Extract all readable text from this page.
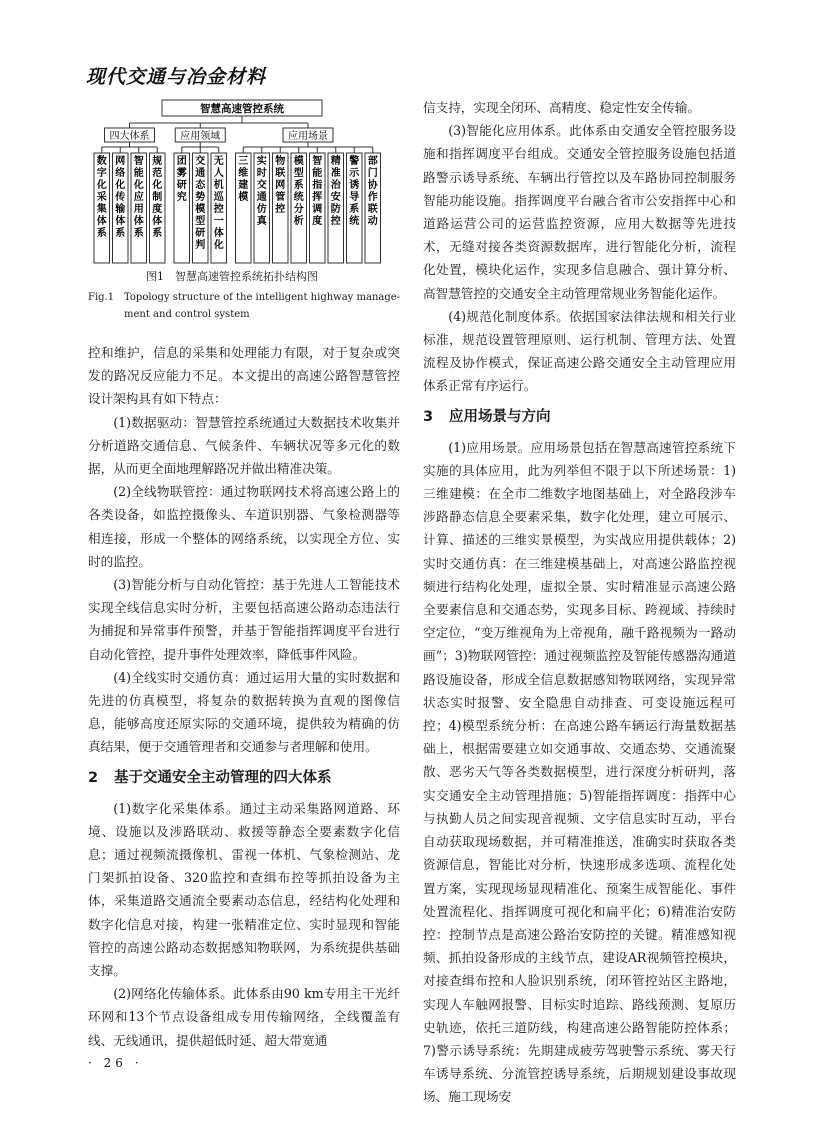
现代交通与冶金材料
智慧高速管控系统
四大体系
数字化采集体系
网络化传输体系
智能化应用体系
规范化制度体系
应用领域
团雾研究
交通态势模型研判
无人机巡控一体化
应用场景
三维建模
实时交通仿真
物联网管控
模型系统分析
智能指挥调度
精准治安防控
警示诱导系统
部门协作联动
图1　智慧高速管控系统拓扑结构图
Fig.1 Topology structure of the intelligent highway manage-
ment and control system

控和维护，信息的采集和处理能力有限，对于复杂或突发的路况反应能力不足。本文提出的高速公路智慧管控设计架构具有如下特点：

(1)数据驱动：智慧管控系统通过大数据技术收集并分析道路交通信息、气候条件、车辆状况等多元化的数据，从而更全面地理解路况并做出精准决策。

(2)全线物联管控：通过物联网技术将高速公路上的各类设备，如监控摄像头、车道识别器、气象检测器等相连接，形成一个整体的网络系统，以实现全方位、实时的监控。

(3)智能分析与自动化管控：基于先进人工智能技术实现全线信息实时分析，主要包括高速公路动态违法行为捕捉和异常事件预警，并基于智能指挥调度平台进行自动化管控，提升事件处理效率，降低事件风险。

(4)全线实时交通仿真：通过运用大量的实时数据和先进的仿真模型，将复杂的数据转换为直观的图像信息，能够高度还原实际的交通环境，提供较为精确的仿真结果，便于交通管理者和交通参与者理解和使用。

2 基于交通安全主动管理的四大体系

(1)数字化采集体系。通过主动采集路网道路、环境、设施以及涉路联动、救援等静态全要素数字化信息；通过视频流摄像机、雷视一体机、气象检测站、龙门架抓拍设备、320监控和查缉布控等抓拍设备为主体，采集道路交通流全要素动态信息，经结构化处理和数字化信息对接，构建一张精准定位、实时显现和智能管控的高速公路动态数据感知物联网，为系统提供基础支撑。

(2)网络化传输体系。此体系由90 km专用主干光纤环网和13个节点设备组成专用传输网络，全线覆盖有线、无线通讯，提供超低时延、超大带宽通

信支持，实现全闭环、高精度、稳定性安全传输。

(3)智能化应用体系。此体系由交通安全管控服务设施和指挥调度平台组成。交通安全管控服务设施包括道路警示诱导系统、车辆出行管控以及车路协同控制服务智能功能设施。指挥调度平台融合省市公安指挥中心和道路运营公司的运营监控资源，应用大数据等先进技术，无缝对接各类资源数据库，进行智能化分析，流程化处置，模块化运作，实现多信息融合、强计算分析、高智慧管控的交通安全主动管理常规业务智能化运作。

(4)规范化制度体系。依据国家法律法规和相关行业标准，规范设置管理原则、运行机制、管理方法、处置流程及协作模式，保证高速公路交通安全主动管理应用体系正常有序运行。

3 应用场景与方向

(1)应用场景。应用场景包括在智慧高速管控系统下实施的具体应用，此为列举但不限于以下所述场景：1)三维建模：在全市二维数字地图基础上，对全路段涉车涉路静态信息全要素采集，数字化处理，建立可展示、计算、描述的三维实景模型，为实战应用提供载体；2)实时交通仿真：在三维建模基础上，对高速公路监控视频进行结构化处理，虚拟全景、实时精准显示高速公路全要素信息和交通态势，实现多目标、跨视域、持续时空定位，“变万维视角为上帝视角，融千路视频为一路动画”；3)物联网管控：通过视频监控及智能传感器沟通道路设施设备，形成全信息数据感知物联网络，实现异常状态实时报警、安全隐患自动排查、可变设施远程可控；4)模型系统分析：在高速公路车辆运行海量数据基础上，根据需要建立如交通事故、交通态势、交通流聚散、恶劣天气等各类数据模型，进行深度分析研判，落实交通安全主动管理措施；5)智能指挥调度：指挥中心与执勤人员之间实现音视频、文字信息实时互动，平台自动获取现场数据，并可精准推送，准确实时获取各类资源信息，智能比对分析，快速形成多选项、流程化处置方案，实现现场显现精准化、预案生成智能化、事件处置流程化、指挥调度可视化和扁平化；6)精准治安防控：控制节点是高速公路治安防控的关键。精准感知视频、抓拍设备形成的主线节点，建设AR视频管控模块，对接查缉布控和人脸识别系统，闭环管控站区主路地，实现人车触网报警、目标实时追踪、路线预测、复原历史轨迹，依托三道防线，构建高速公路智能防控体系；7)警示诱导系统：先期建成疲劳驾驶警示系统、雾天行车诱导系统、分流管控诱导系统，后期规划建设事故现场、施工现场安

· 26 ·
